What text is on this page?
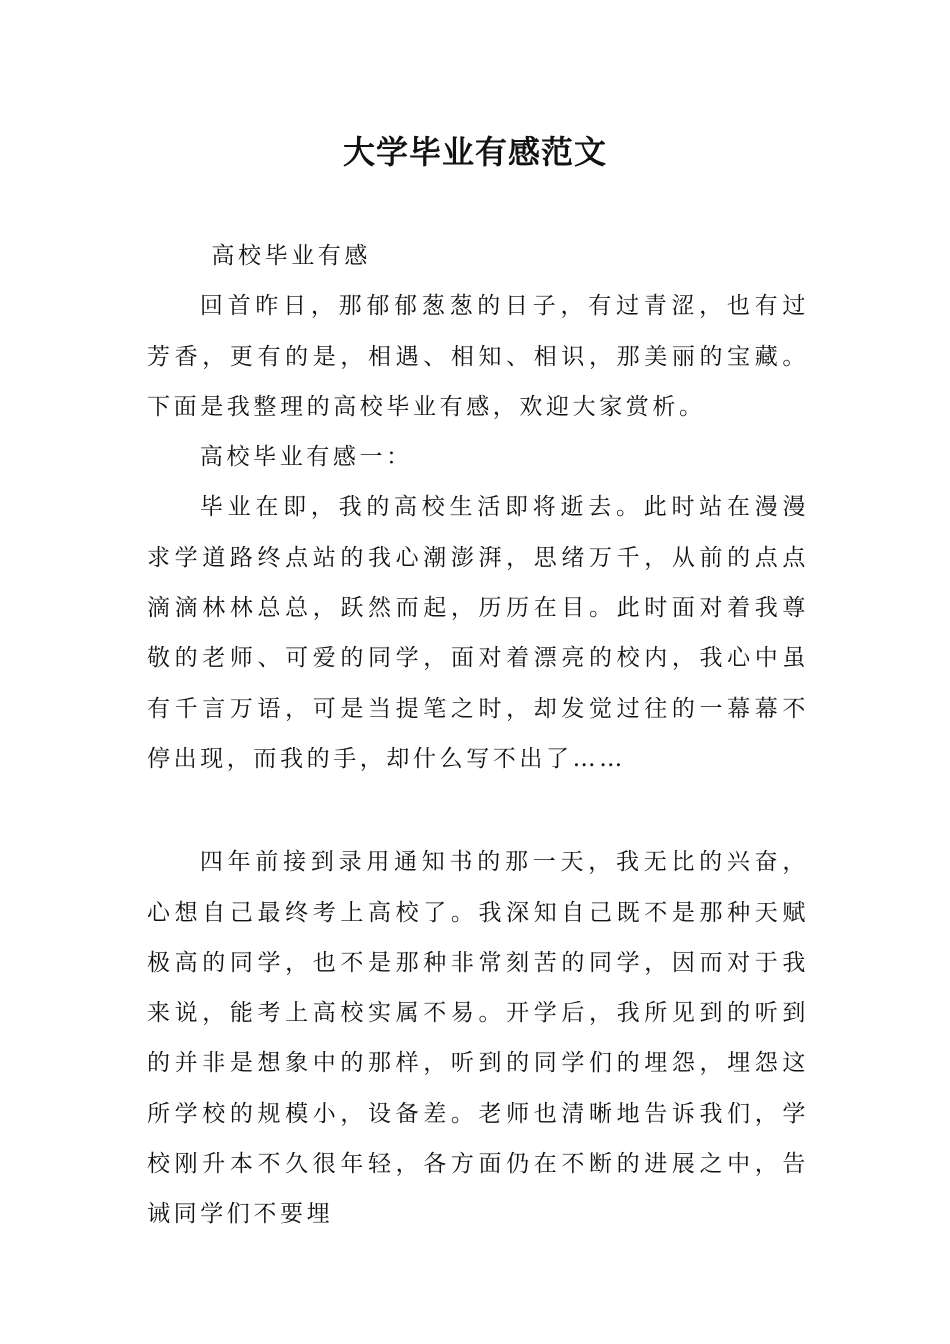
大学毕业有感范文

高校毕业有感

回首昨日，那郁郁葱葱的日子，有过青涩，也有过芳香，更有的是，相遇、相知、相识，那美丽的宝藏。下面是我整理的高校毕业有感，欢迎大家赏析。

高校毕业有感一：

毕业在即，我的高校生活即将逝去。此时站在漫漫求学道路终点站的我心潮澎湃，思绪万千，从前的点点滴滴林林总总，跃然而起，历历在目。此时面对着我尊敬的老师、可爱的同学，面对着漂亮的校内，我心中虽有千言万语，可是当提笔之时，却发觉过往的一幕幕不停出现，而我的手，却什么写不出了……

四年前接到录用通知书的那一天，我无比的兴奋，心想自己最终考上高校了。我深知自己既不是那种天赋极高的同学，也不是那种非常刻苦的同学，因而对于我来说，能考上高校实属不易。开学后，我所见到的听到的并非是想象中的那样，听到的同学们的埋怨，埋怨这所学校的规模小，设备差。老师也清晰地告诉我们，学校刚升本不久很年轻，各方面仍在不断的进展之中，告诫同学们不要埋
